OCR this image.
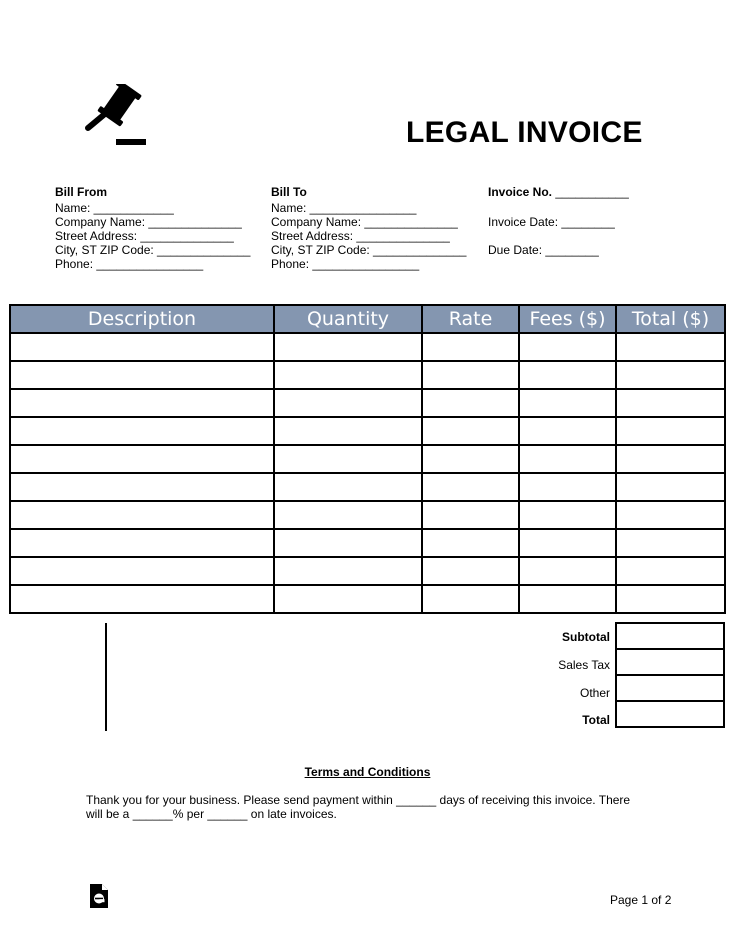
LEGAL INVOICE
Bill From
Name: ____________
Company Name: ______________
Street Address: ______________
City, ST ZIP Code: ______________
Phone: ________________
Bill To
Name: ________________
Company Name: ______________
Street Address: ______________
City, ST ZIP Code: ______________
Phone: ________________
Invoice No. ___________
Invoice Date: ________
Due Date: ________
Description	Quantity	Rate	Fees ($)	Total ($)

Subtotal
Sales Tax
Other
Total

Terms and Conditions
Thank you for your business. Please send payment within ______ days of receiving this invoice. There will be a ______% per ______ on late invoices.
Page 1 of 2
